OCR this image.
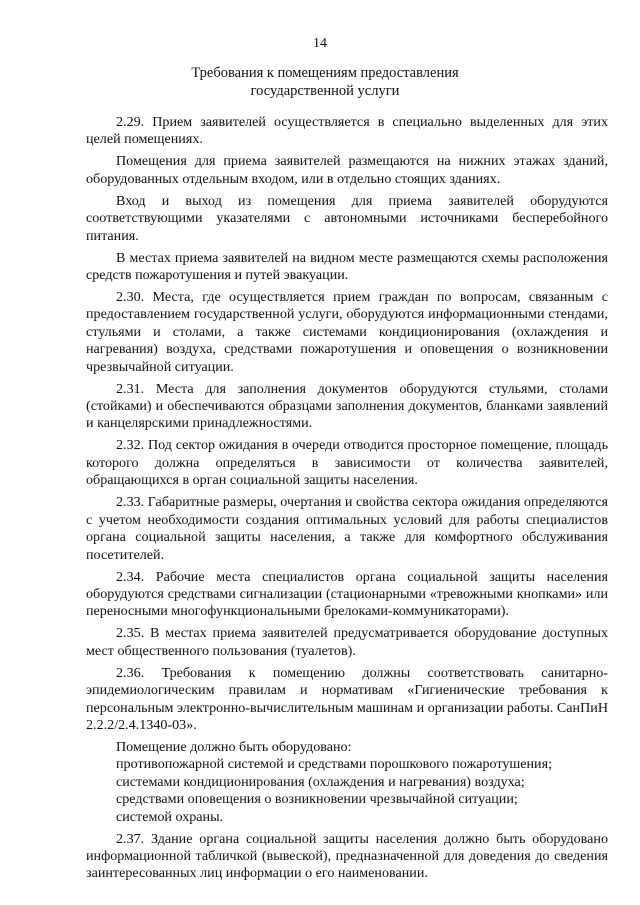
14
Требования к помещениям предоставления государственной услуги

2.29. Прием заявителей осуществляется в специально выделенных для этих целей помещениях.

Помещения для приема заявителей размещаются на нижних этажах зданий, оборудованных отдельным входом, или в отдельно стоящих зданиях.

Вход и выход из помещения для приема заявителей оборудуются соответствующими указателями с автономными источниками бесперебойного питания.

В местах приема заявителей на видном месте размещаются схемы расположения средств пожаротушения и путей эвакуации.

2.30. Места, где осуществляется прием граждан по вопросам, связанным с предоставлением государственной услуги, оборудуются информационными стендами, стульями и столами, а также системами кондиционирования (охлаждения и нагревания) воздуха, средствами пожаротушения и оповещения о возникновении чрезвычайной ситуации.

2.31. Места для заполнения документов оборудуются стульями, столами (стойками) и обеспечиваются образцами заполнения документов, бланками заявлений и канцелярскими принадлежностями.

2.32. Под сектор ожидания в очереди отводится просторное помещение, площадь которого должна определяться в зависимости от количества заявителей, обращающихся в орган социальной защиты населения.

2.33. Габаритные размеры, очертания и свойства сектора ожидания определяются с учетом необходимости создания оптимальных условий для работы специалистов органа социальной защиты населения, а также для комфортного обслуживания посетителей.

2.34. Рабочие места специалистов органа социальной защиты населения оборудуются средствами сигнализации (стационарными «тревожными кнопками» или переносными многофункциональными брелоками-коммуникаторами).

2.35. В местах приема заявителей предусматривается оборудование доступных мест общественного пользования (туалетов).

2.36. Требования к помещению должны соответствовать санитарно-эпидемиологическим правилам и нормативам «Гигиенические требования к персональным электронно-вычислительным машинам и организации работы. СанПиН 2.2.2/2.4.1340-03».

Помещение должно быть оборудовано:

противопожарной системой и средствами порошкового пожаротушения;

системами кондиционирования (охлаждения и нагревания) воздуха;

средствами оповещения о возникновении чрезвычайной ситуации;

системой охраны.

2.37. Здание органа социальной защиты населения должно быть оборудовано информационной табличкой (вывеской), предназначенной для доведения до сведения заинтересованных лиц информации о его наименовании.
